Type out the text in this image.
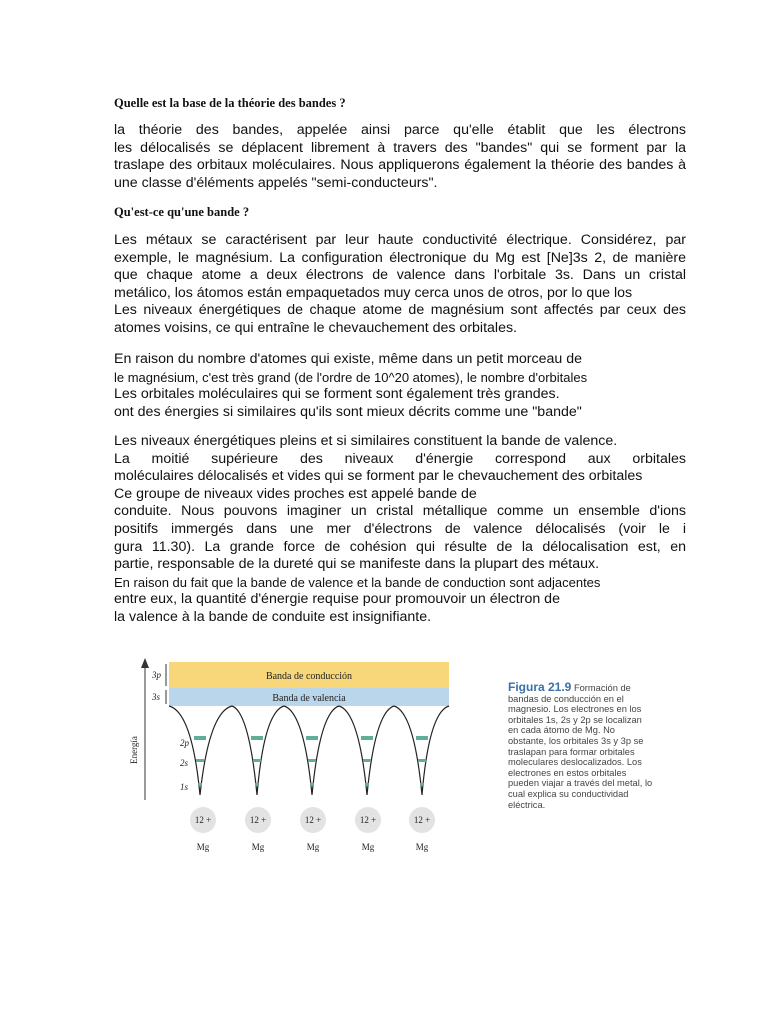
Quelle est la base de la théorie des bandes ?
la théorie des bandes, appelée ainsi parce qu'elle établit que les électrons
les délocalisés se déplacent librement à travers des "bandes" qui se forment par la
traslape des orbitaux moléculaires. Nous appliquerons également la théorie des bandes à
une classe d'éléments appelés "semi-conducteurs".
Qu'est-ce qu'une bande ?
Les métaux se caractérisent par leur haute conductivité électrique. Considérez, par
exemple, le magnésium. La configuration électronique du Mg est [Ne]3s 2, de manière
que chaque atome a deux électrons de valence dans l'orbitale 3s. Dans un cristal
metálico, los átomos están empaquetados muy cerca unos de otros, por lo que los
Les niveaux énergétiques de chaque atome de magnésium sont affectés par ceux des
atomes voisins, ce qui entraîne le chevauchement des orbitales.
En raison du nombre d'atomes qui existe, même dans un petit morceau de
le magnésium, c'est très grand (de l'ordre de 10^20 atomes), le nombre d'orbitales
Les orbitales moléculaires qui se forment sont également très grandes.
ont des énergies si similaires qu'ils sont mieux décrits comme une "bande"
Les niveaux énergétiques pleins et si similaires constituent la bande de valence.
La moitié supérieure des niveaux d'énergie correspond aux orbitales
moléculaires délocalisés et vides qui se forment par le chevauchement des orbitales
Ce groupe de niveaux vides proches est appelé bande de
conduite. Nous pouvons imaginer un cristal métallique comme un ensemble d'ions
positifs immergés dans une mer d'électrons de valence délocalisés (voir le i
gura 11.30). La grande force de cohésion qui résulte de la délocalisation est, en
partie, responsable de la dureté qui se manifeste dans la plupart des métaux.
En raison du fait que la bande de valence et la bande de conduction sont adjacentes
entre eux, la quantité d'énergie requise pour promouvoir un électron de
la valence à la bande de conduite est insignifiante.
Banda de conducción
Banda de valencia
Energía
3p
3s
2p
2s
1s
12 +
Mg
12 +
Mg
12 +
Mg
12 +
Mg
12 +
Mg
Figura 21.9 Formación de
bandas de conducción en el
magnesio. Los electrones en los
orbitales 1s, 2s y 2p se localizan
en cada átomo de Mg. No
obstante, los orbitales 3s y 3p se
traslapan para formar orbitales
moleculares deslocalizados. Los
electrones en estos orbitales
pueden viajar a través del metal, lo
cual explica su conductividad
eléctrica.
